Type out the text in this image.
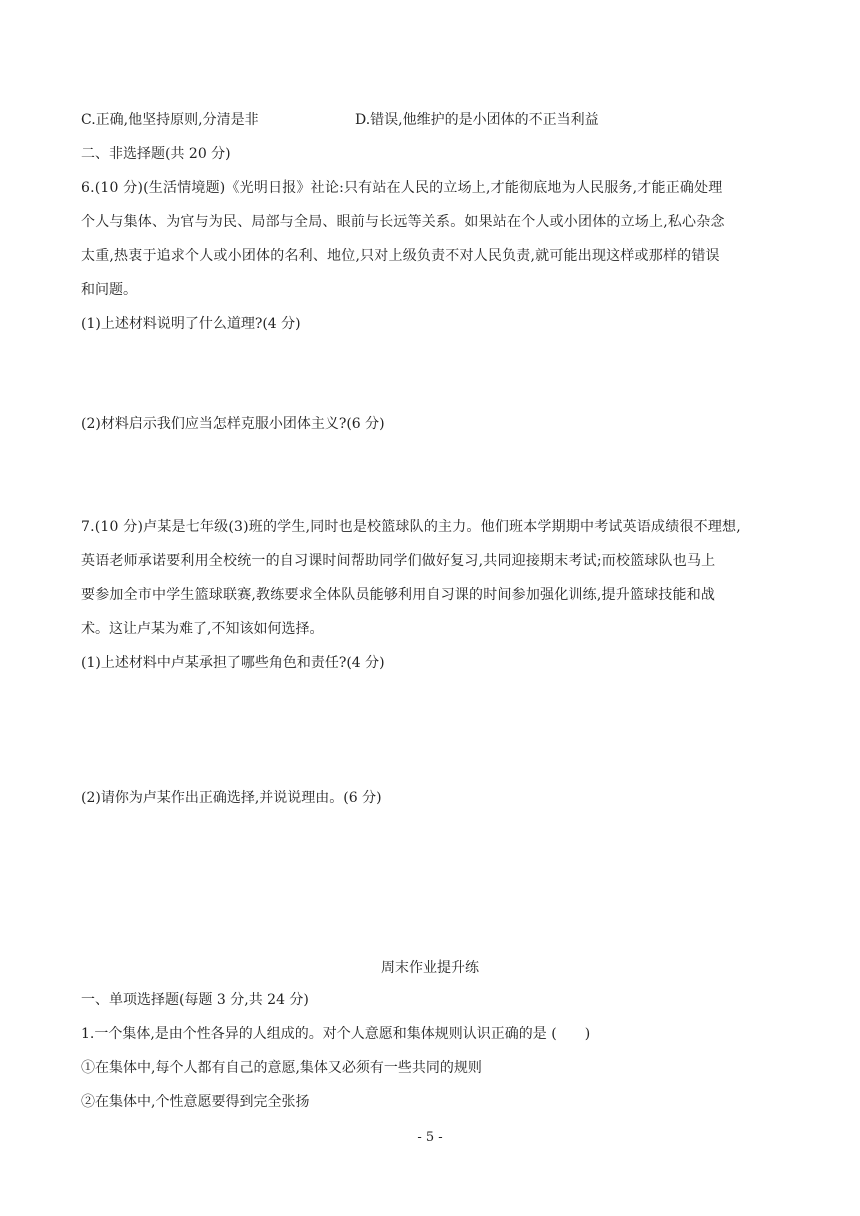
C.正确,他坚持原则,分清是非	D.错误,他维护的是小团体的不正当利益
二、非选择题(共 20 分)
6.(10 分)(生活情境题)《光明日报》社论:只有站在人民的立场上,才能彻底地为人民服务,才能正确处理
个人与集体、为官与为民、局部与全局、眼前与长远等关系。如果站在个人或小团体的立场上,私心杂念
太重,热衷于追求个人或小团体的名利、地位,只对上级负责不对人民负责,就可能出现这样或那样的错误
和问题。
(1)上述材料说明了什么道理?(4 分)
(2)材料启示我们应当怎样克服小团体主义?(6 分)
7.(10 分)卢某是七年级(3)班的学生,同时也是校篮球队的主力。他们班本学期期中考试英语成绩很不理想,
英语老师承诺要利用全校统一的自习课时间帮助同学们做好复习,共同迎接期末考试;而校篮球队也马上
要参加全市中学生篮球联赛,教练要求全体队员能够利用自习课的时间参加强化训练,提升篮球技能和战
术。这让卢某为难了,不知该如何选择。
(1)上述材料中卢某承担了哪些角色和责任?(4 分)
(2)请你为卢某作出正确选择,并说说理由。(6 分)
周末作业提升练
一、单项选择题(每题 3 分,共 24 分)
1.一个集体,是由个性各异的人组成的。对个人意愿和集体规则认识正确的是 (　　)
①在集体中,每个人都有自己的意愿,集体又必须有一些共同的规则
②在集体中,个性意愿要得到完全张扬
- 5 -
